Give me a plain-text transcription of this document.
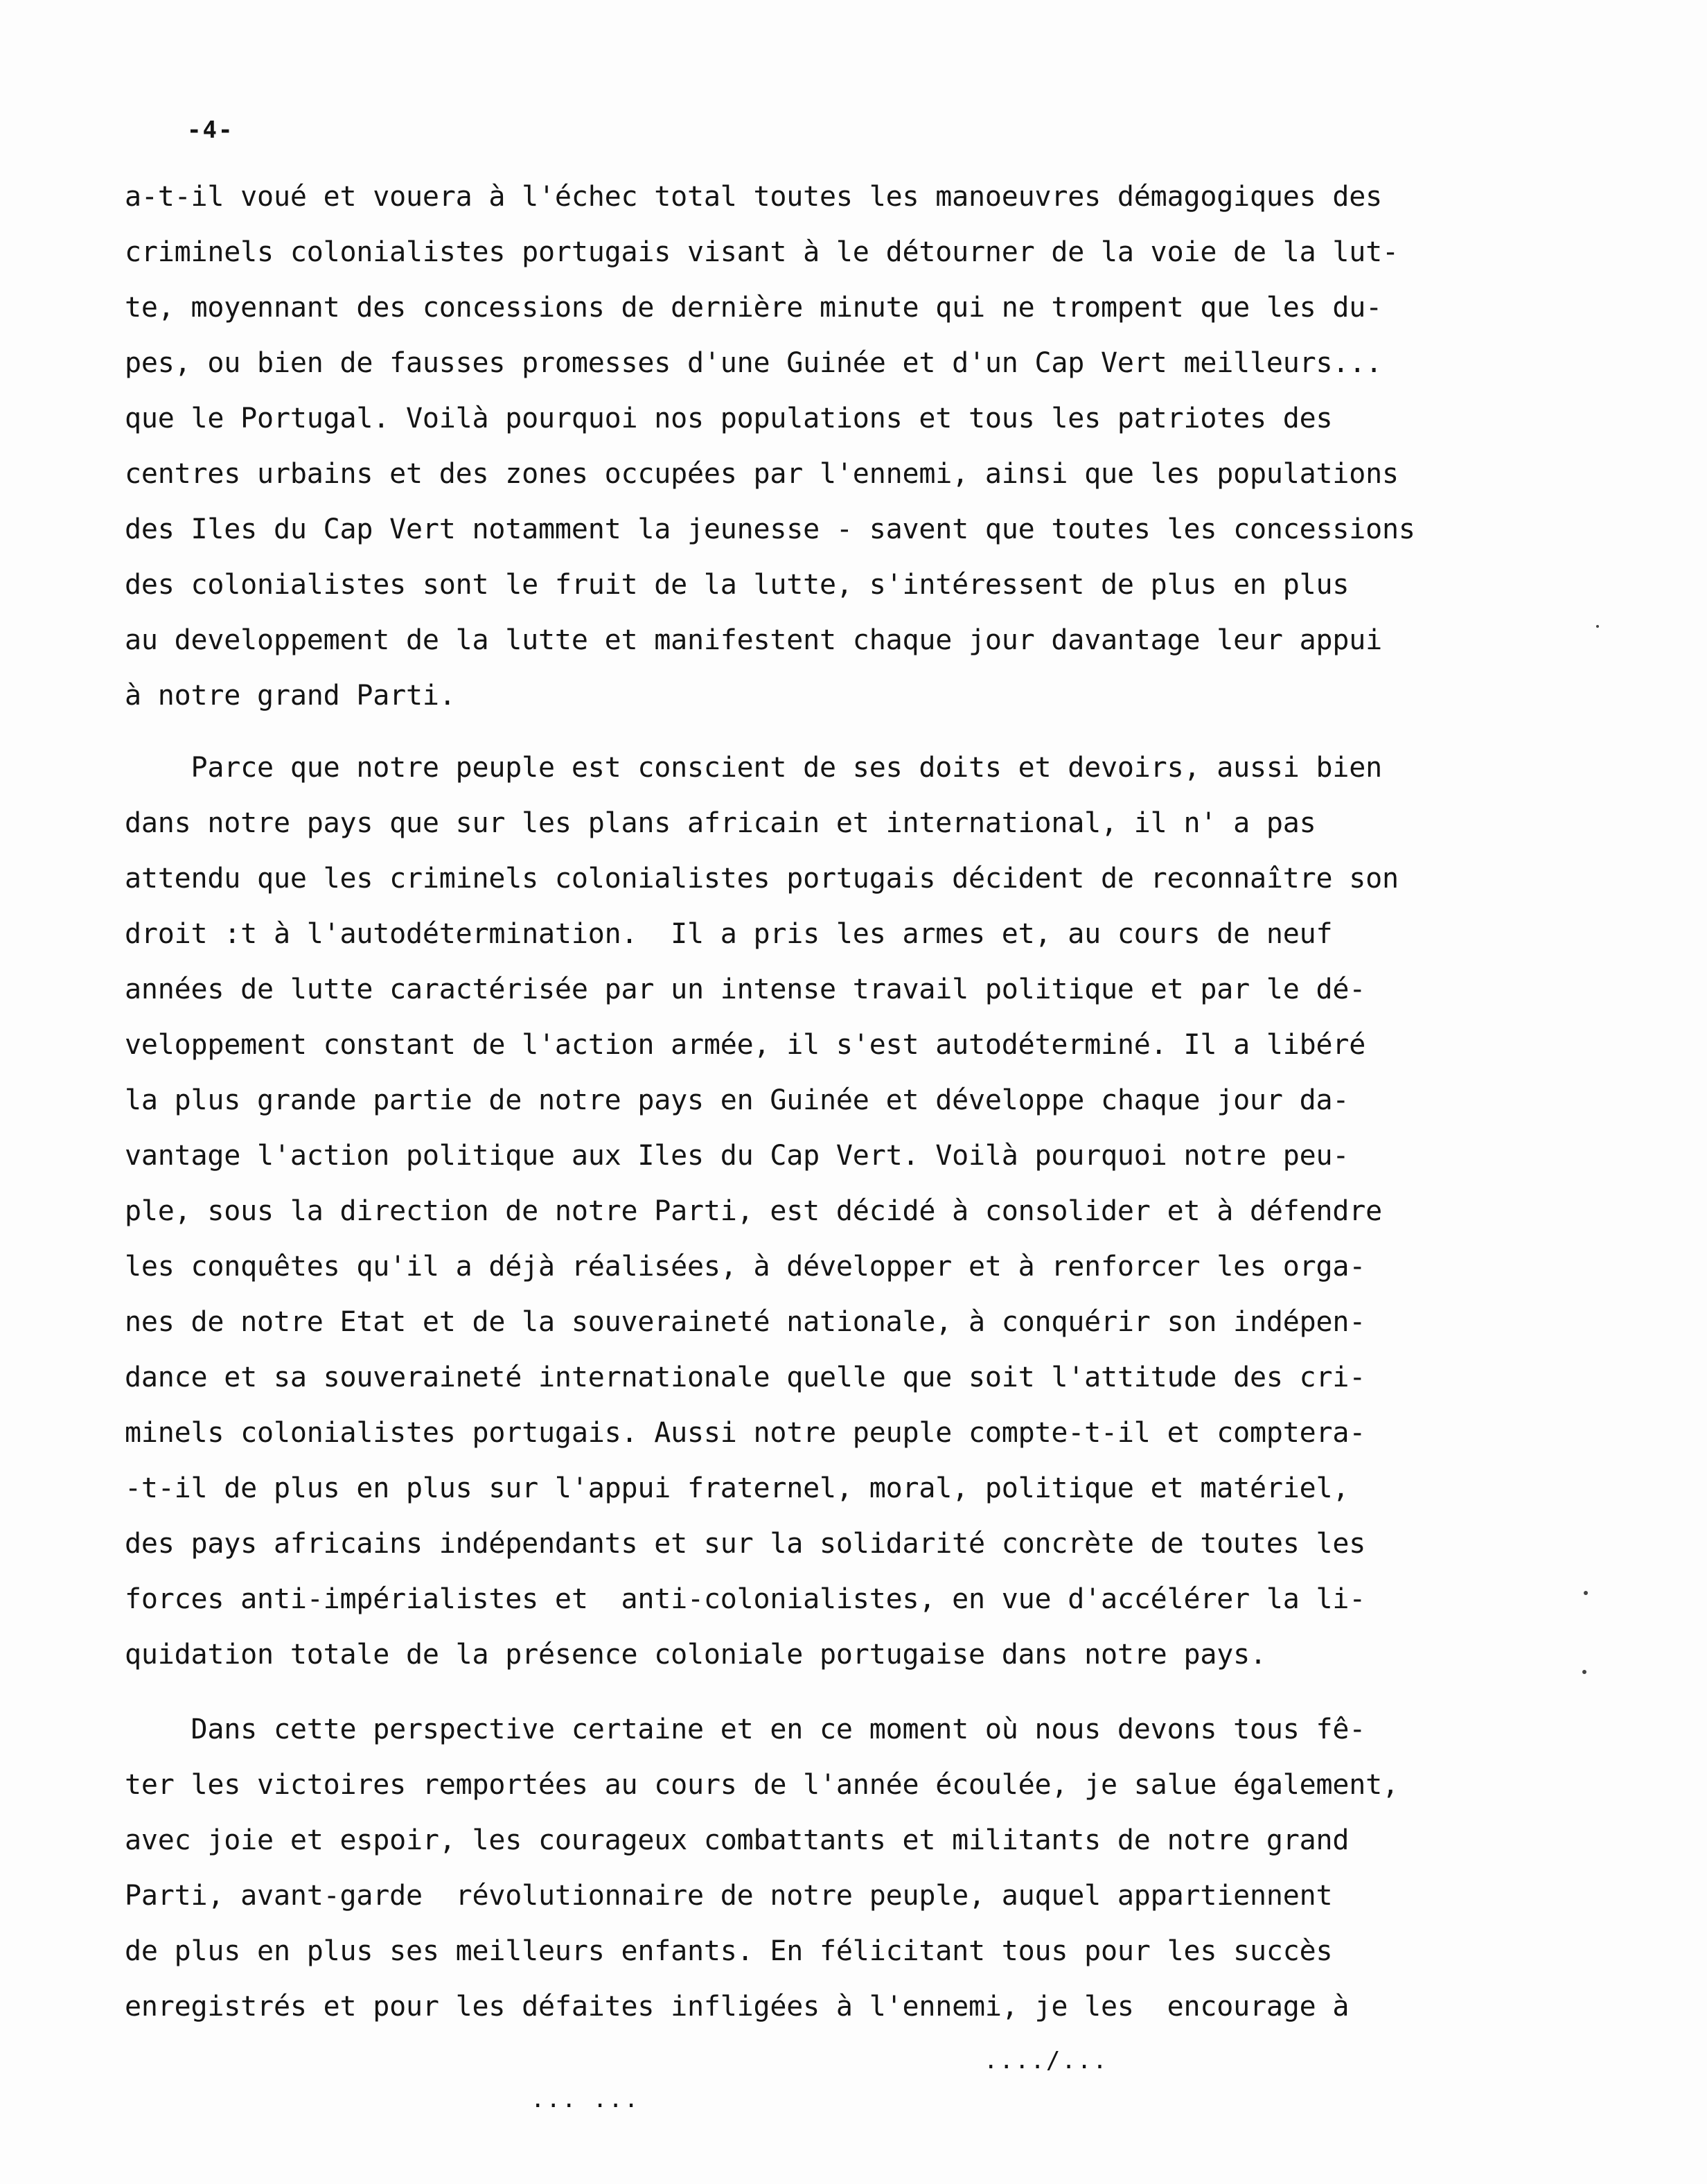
-4-
a-t-il voué et vouera à l'échec total toutes les manoeuvres démagogiques des
criminels colonialistes portugais visant à le détourner de la voie de la lut-
te, moyennant des concessions de dernière minute qui ne trompent que les du-
pes, ou bien de fausses promesses d'une Guinée et d'un Cap Vert meilleurs...
que le Portugal. Voilà pourquoi nos populations et tous les patriotes des
centres urbains et des zones occupées par l'ennemi, ainsi que les populations
des Iles du Cap Vert notamment la jeunesse - savent que toutes les concessions
des colonialistes sont le fruit de la lutte, s'intéressent de plus en plus
au developpement de la lutte et manifestent chaque jour davantage leur appui
à notre grand Parti.
Parce que notre peuple est conscient de ses doits et devoirs, aussi bien
dans notre pays que sur les plans africain et international, il n' a pas
attendu que les criminels colonialistes portugais décident de reconnaître son
droit :t à l'autodétermination.  Il a pris les armes et, au cours de neuf
années de lutte caractérisée par un intense travail politique et par le dé-
veloppement constant de l'action armée, il s'est autodéterminé. Il a libéré
la plus grande partie de notre pays en Guinée et développe chaque jour da-
vantage l'action politique aux Iles du Cap Vert. Voilà pourquoi notre peu-
ple, sous la direction de notre Parti, est décidé à consolider et à défendre
les conquêtes qu'il a déjà réalisées, à développer et à renforcer les orga-
nes de notre Etat et de la souveraineté nationale, à conquérir son indépen-
dance et sa souveraineté internationale quelle que soit l'attitude des cri-
minels colonialistes portugais. Aussi notre peuple compte-t-il et comptera-
-t-il de plus en plus sur l'appui fraternel, moral, politique et matériel,
des pays africains indépendants et sur la solidarité concrète de toutes les
forces anti-impérialistes et  anti-colonialistes, en vue d'accélérer la li-
quidation totale de la présence coloniale portugaise dans notre pays.
Dans cette perspective certaine et en ce moment où nous devons tous fê-
ter les victoires remportées au cours de l'année écoulée, je salue également,
avec joie et espoir, les courageux combattants et militants de notre grand
Parti, avant-garde  révolutionnaire de notre peuple, auquel appartiennent
de plus en plus ses meilleurs enfants. En félicitant tous pour les succès
enregistrés et pour les défaites infligées à l'ennemi, je les  encourage à
..../...
... ...
